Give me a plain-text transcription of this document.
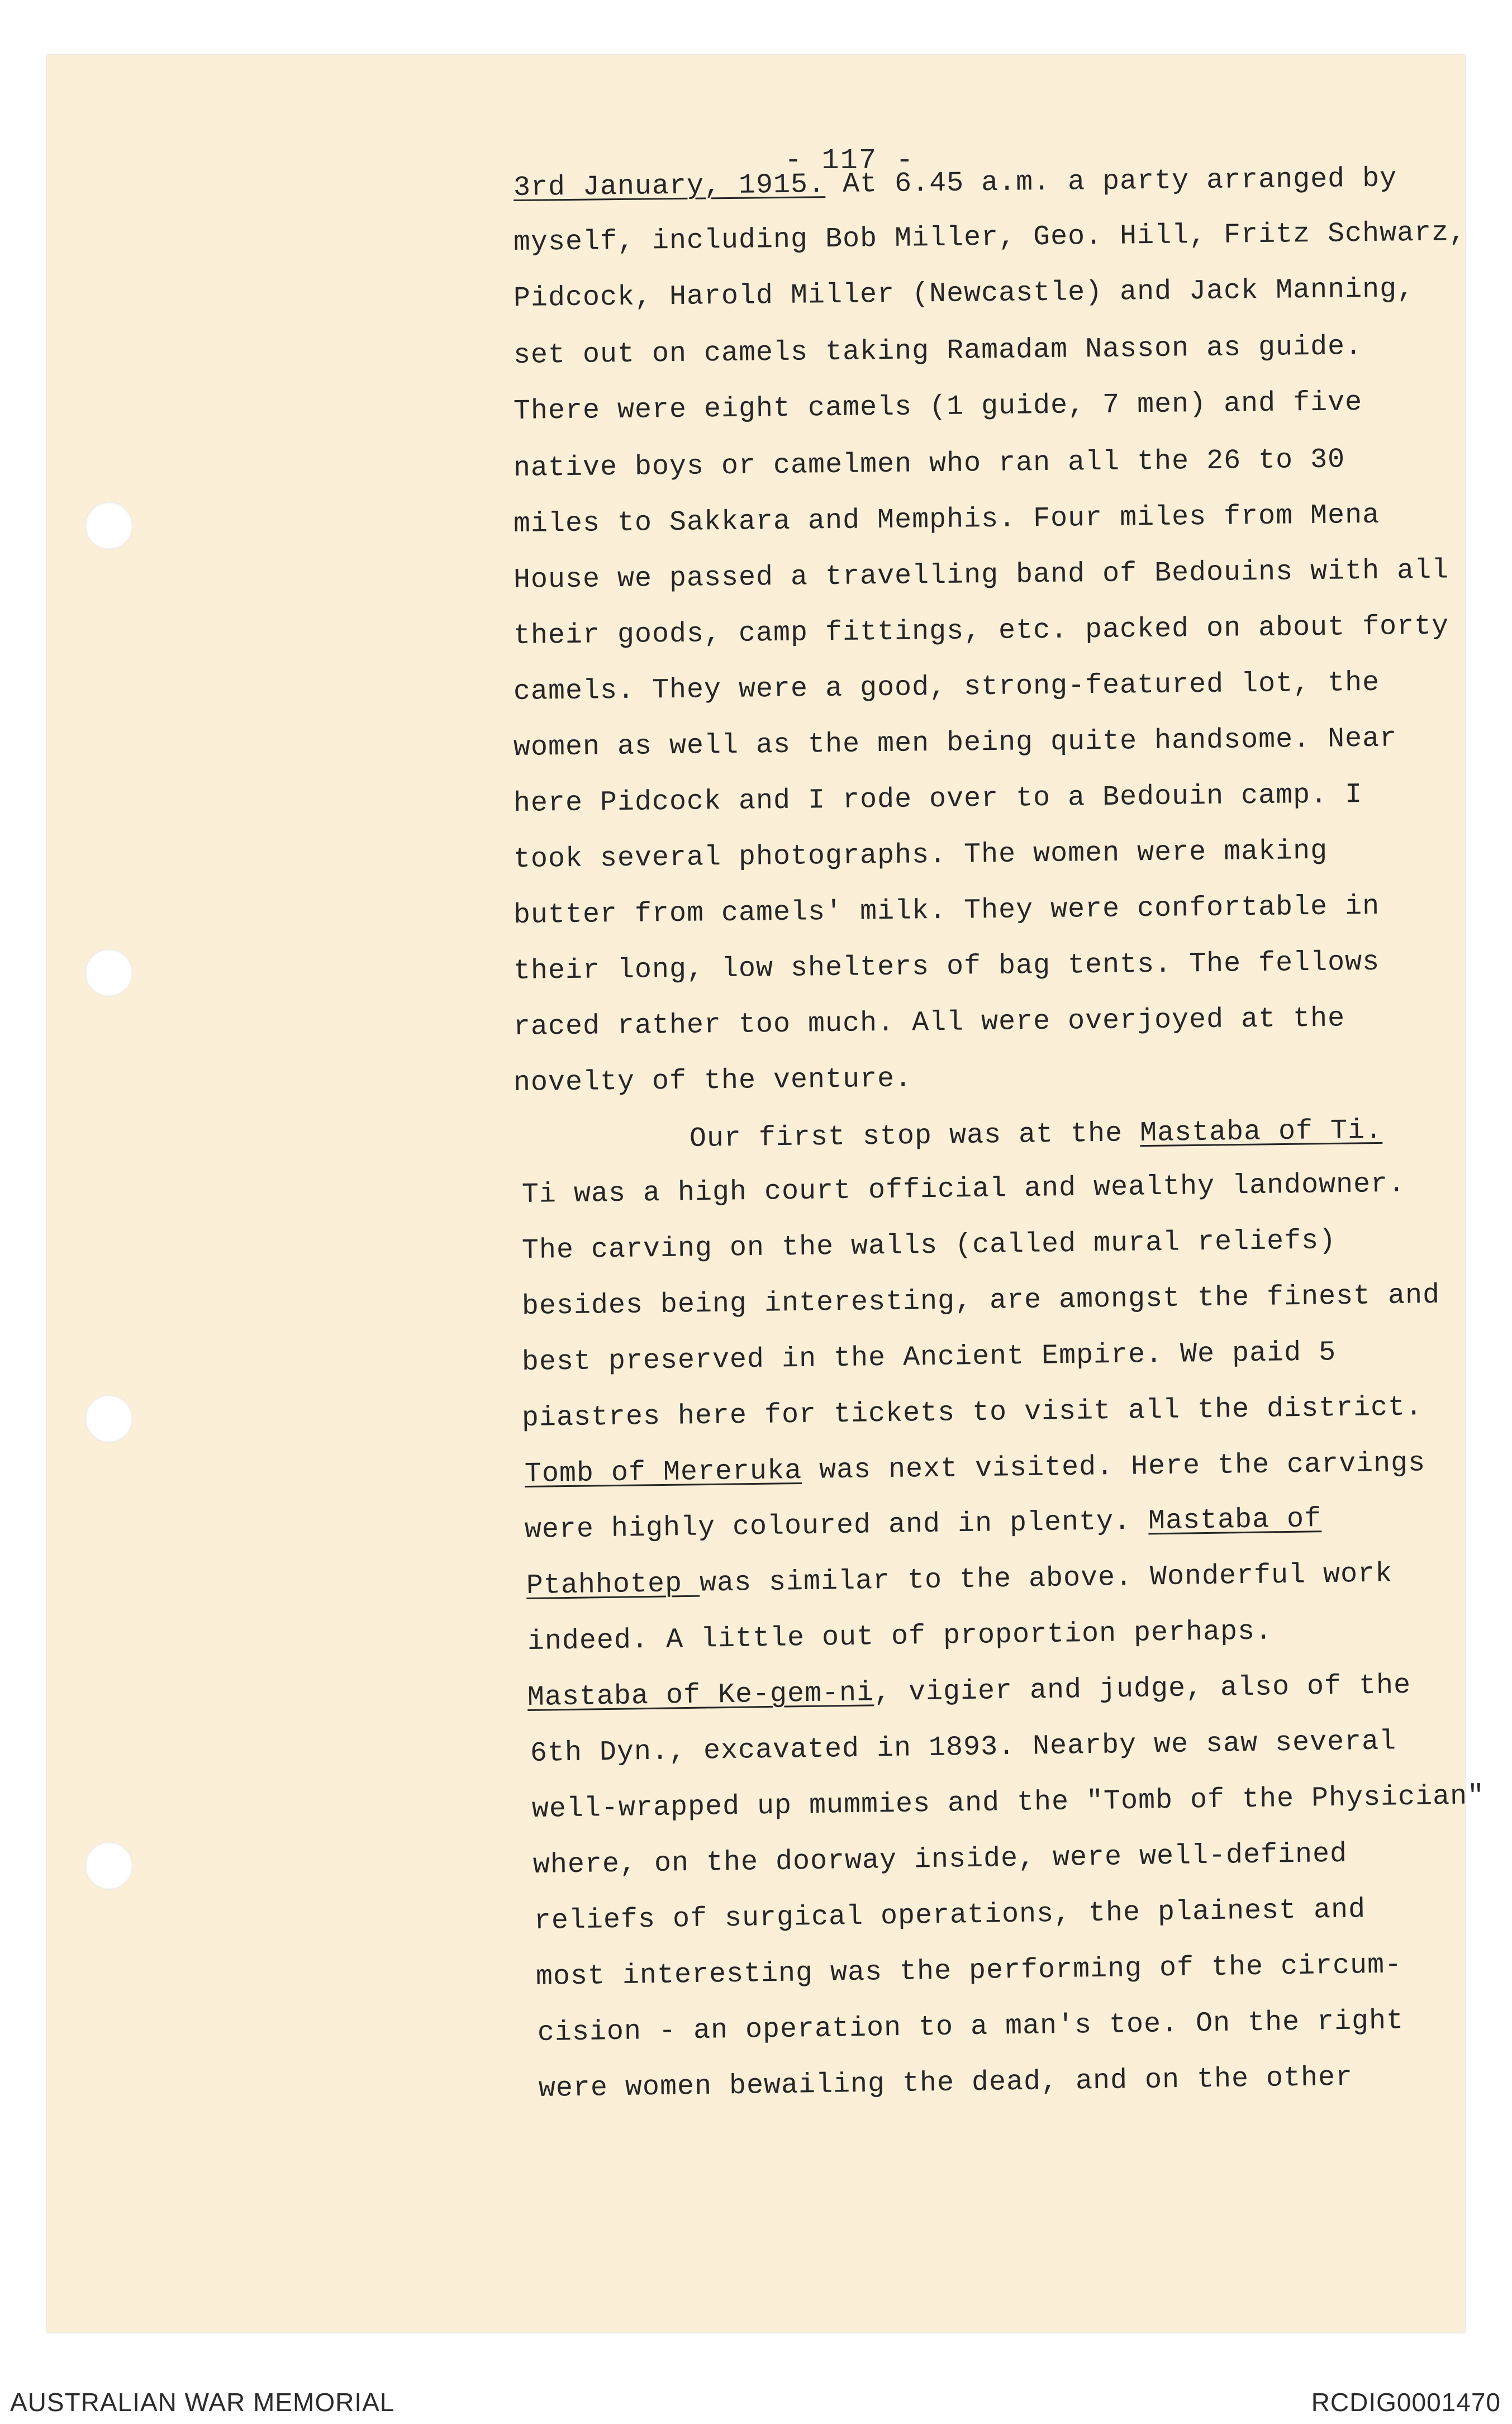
- 117 -
3rd January, 1915. At 6.45 a.m. a party arranged by
myself, including Bob Miller, Geo. Hill, Fritz Schwarz,
Pidcock, Harold Miller (Newcastle) and Jack Manning,
set out on camels taking Ramadam Nasson as guide.
There were eight camels (1 guide, 7 men) and five
native boys or camelmen who ran all the 26 to 30
miles to Sakkara and Memphis. Four miles from Mena
House we passed a travelling band of Bedouins with all
their goods, camp fittings, etc. packed on about forty
camels. They were a good, strong-featured lot, the
women as well as the men being quite handsome. Near
here Pidcock and I rode over to a Bedouin camp. I
took several photographs. The women were making
butter from camels' milk. They were confortable in
their long, low shelters of bag tents. The fellows
raced rather too much. All were overjoyed at the
novelty of the venture.
Our first stop was at the Mastaba of Ti.
Ti was a high court official and wealthy landowner.
The carving on the walls (called mural reliefs)
besides being interesting, are amongst the finest and
best preserved in the Ancient Empire. We paid 5
piastres here for tickets to visit all the district.
Tomb of Mereruka was next visited. Here the carvings
were highly coloured and in plenty. Mastaba of
Ptahhotep was similar to the above. Wonderful work
indeed. A little out of proportion perhaps.
Mastaba of Ke-gem-ni, vigier and judge, also of the
6th Dyn., excavated in 1893. Nearby we saw several
well-wrapped up mummies and the "Tomb of the Physician"
where, on the doorway inside, were well-defined
reliefs of surgical operations, the plainest and
most interesting was the performing of the circum-
cision - an operation to a man's toe. On the right
were women bewailing the dead, and on the other
AUSTRALIAN WAR MEMORIAL	RCDIG0001470
